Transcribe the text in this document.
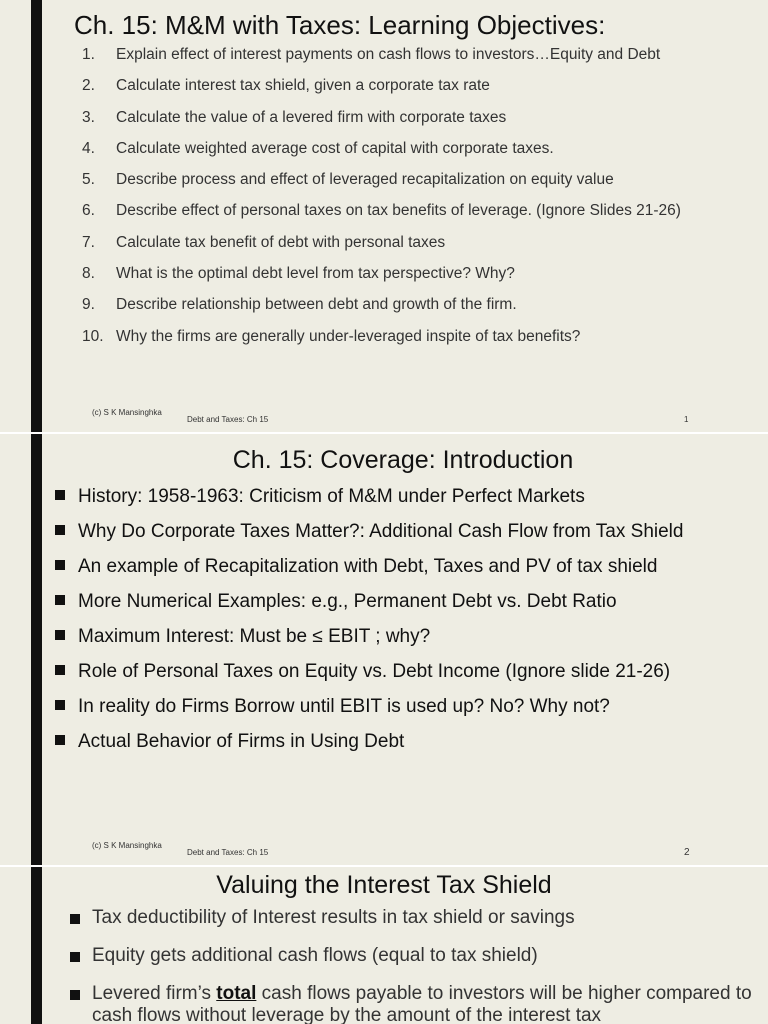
Ch. 15: M&M with Taxes: Learning Objectives:
1. Explain effect of interest payments on cash flows to investors…Equity and Debt
2. Calculate interest tax shield, given a corporate tax rate
3. Calculate the value of a levered firm with corporate taxes
4. Calculate weighted average cost of capital with corporate taxes.
5. Describe process and effect of leveraged recapitalization on equity value
6. Describe effect of personal taxes on tax benefits of leverage. (Ignore Slides 21-26)
7. Calculate tax benefit of debt with personal taxes
8. What is the optimal debt level from tax perspective? Why?
9. Describe relationship between debt and growth of the firm.
10. Why the firms are generally under-leveraged inspite of tax benefits?
(c) S K Mansinghka
Debt and Taxes: Ch 15	1
Ch. 15: Coverage: Introduction
History: 1958-1963: Criticism of M&M under Perfect Markets
Why Do Corporate Taxes Matter?: Additional Cash Flow from Tax Shield
An example of Recapitalization with Debt, Taxes and PV of tax shield
More Numerical Examples: e.g., Permanent Debt vs. Debt Ratio
Maximum Interest: Must be ≤ EBIT ; why?
Role of Personal Taxes on Equity vs. Debt Income (Ignore slide 21-26)
In reality do Firms Borrow until EBIT is used up? No? Why not?
Actual Behavior of Firms in Using Debt
(c) S K Mansinghka
Debt and Taxes: Ch 15	2
Valuing the Interest Tax Shield
Tax deductibility of Interest results in tax shield or savings
Equity gets additional cash flows (equal to tax shield)
Levered firm’s total cash flows payable to investors will be higher compared to cash flows without leverage by the amount of the interest tax
